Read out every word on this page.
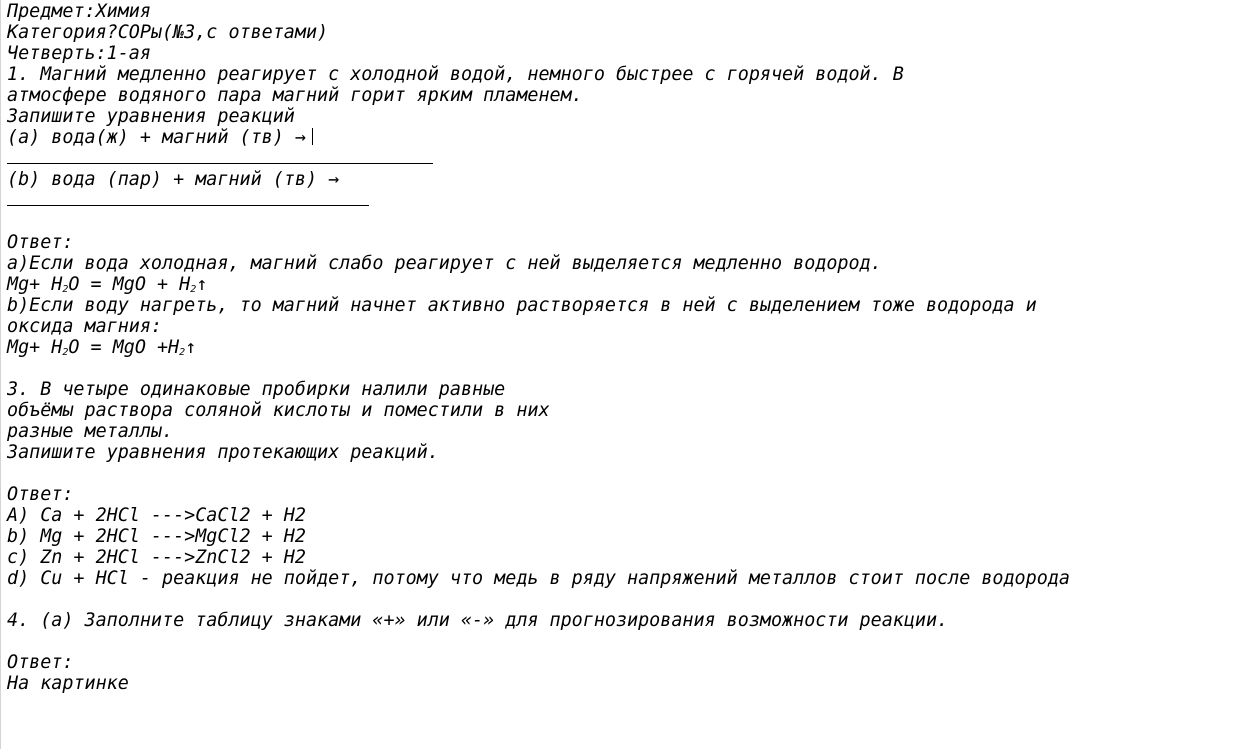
Предмет:Химия
Категория?СОРы(№3,с ответами)
Четверть:1-ая
1. Магний медленно реагирует с холодной водой, немного быстрее с горячей водой. В
атмосфере водяного пара магний горит ярким пламенем.
Запишите уравнения реакций
(a) вода(ж) + магний (тв) →
(b) вода (пар) + магний (тв) →
Ответ:
а)Если вода холодная, магний слабо реагирует с ней выделяется медленно водород.
$Mg+ H_2O$ = MgO + $H_2↑$
b)Если воду нагреть, то магний начнет активно растворяется в ней с выделением тоже водорода и
оксида магния:
$Mg+ H_2O$ = MgO $+H_2↑$
3. В четыре одинаковые пробирки налили равные
объёмы раствора соляной кислоты и поместили в них
разные металлы.
Запишите уравнения протекающих реакций.
Ответ:
A) Ca + 2HCl --->CaCl2 + H2
b) Mg + 2HCl --->MgCl2 + H2
c) Zn + 2HCl --->ZnCl2 + H2
d) Cu + HCl - реакция не пойдет, потому что медь в ряду напряжений металлов стоит после водорода
4. (a) Заполните таблицу знаками «+» или «-» для прогнозирования возможности реакции.
Ответ:
На картинке
